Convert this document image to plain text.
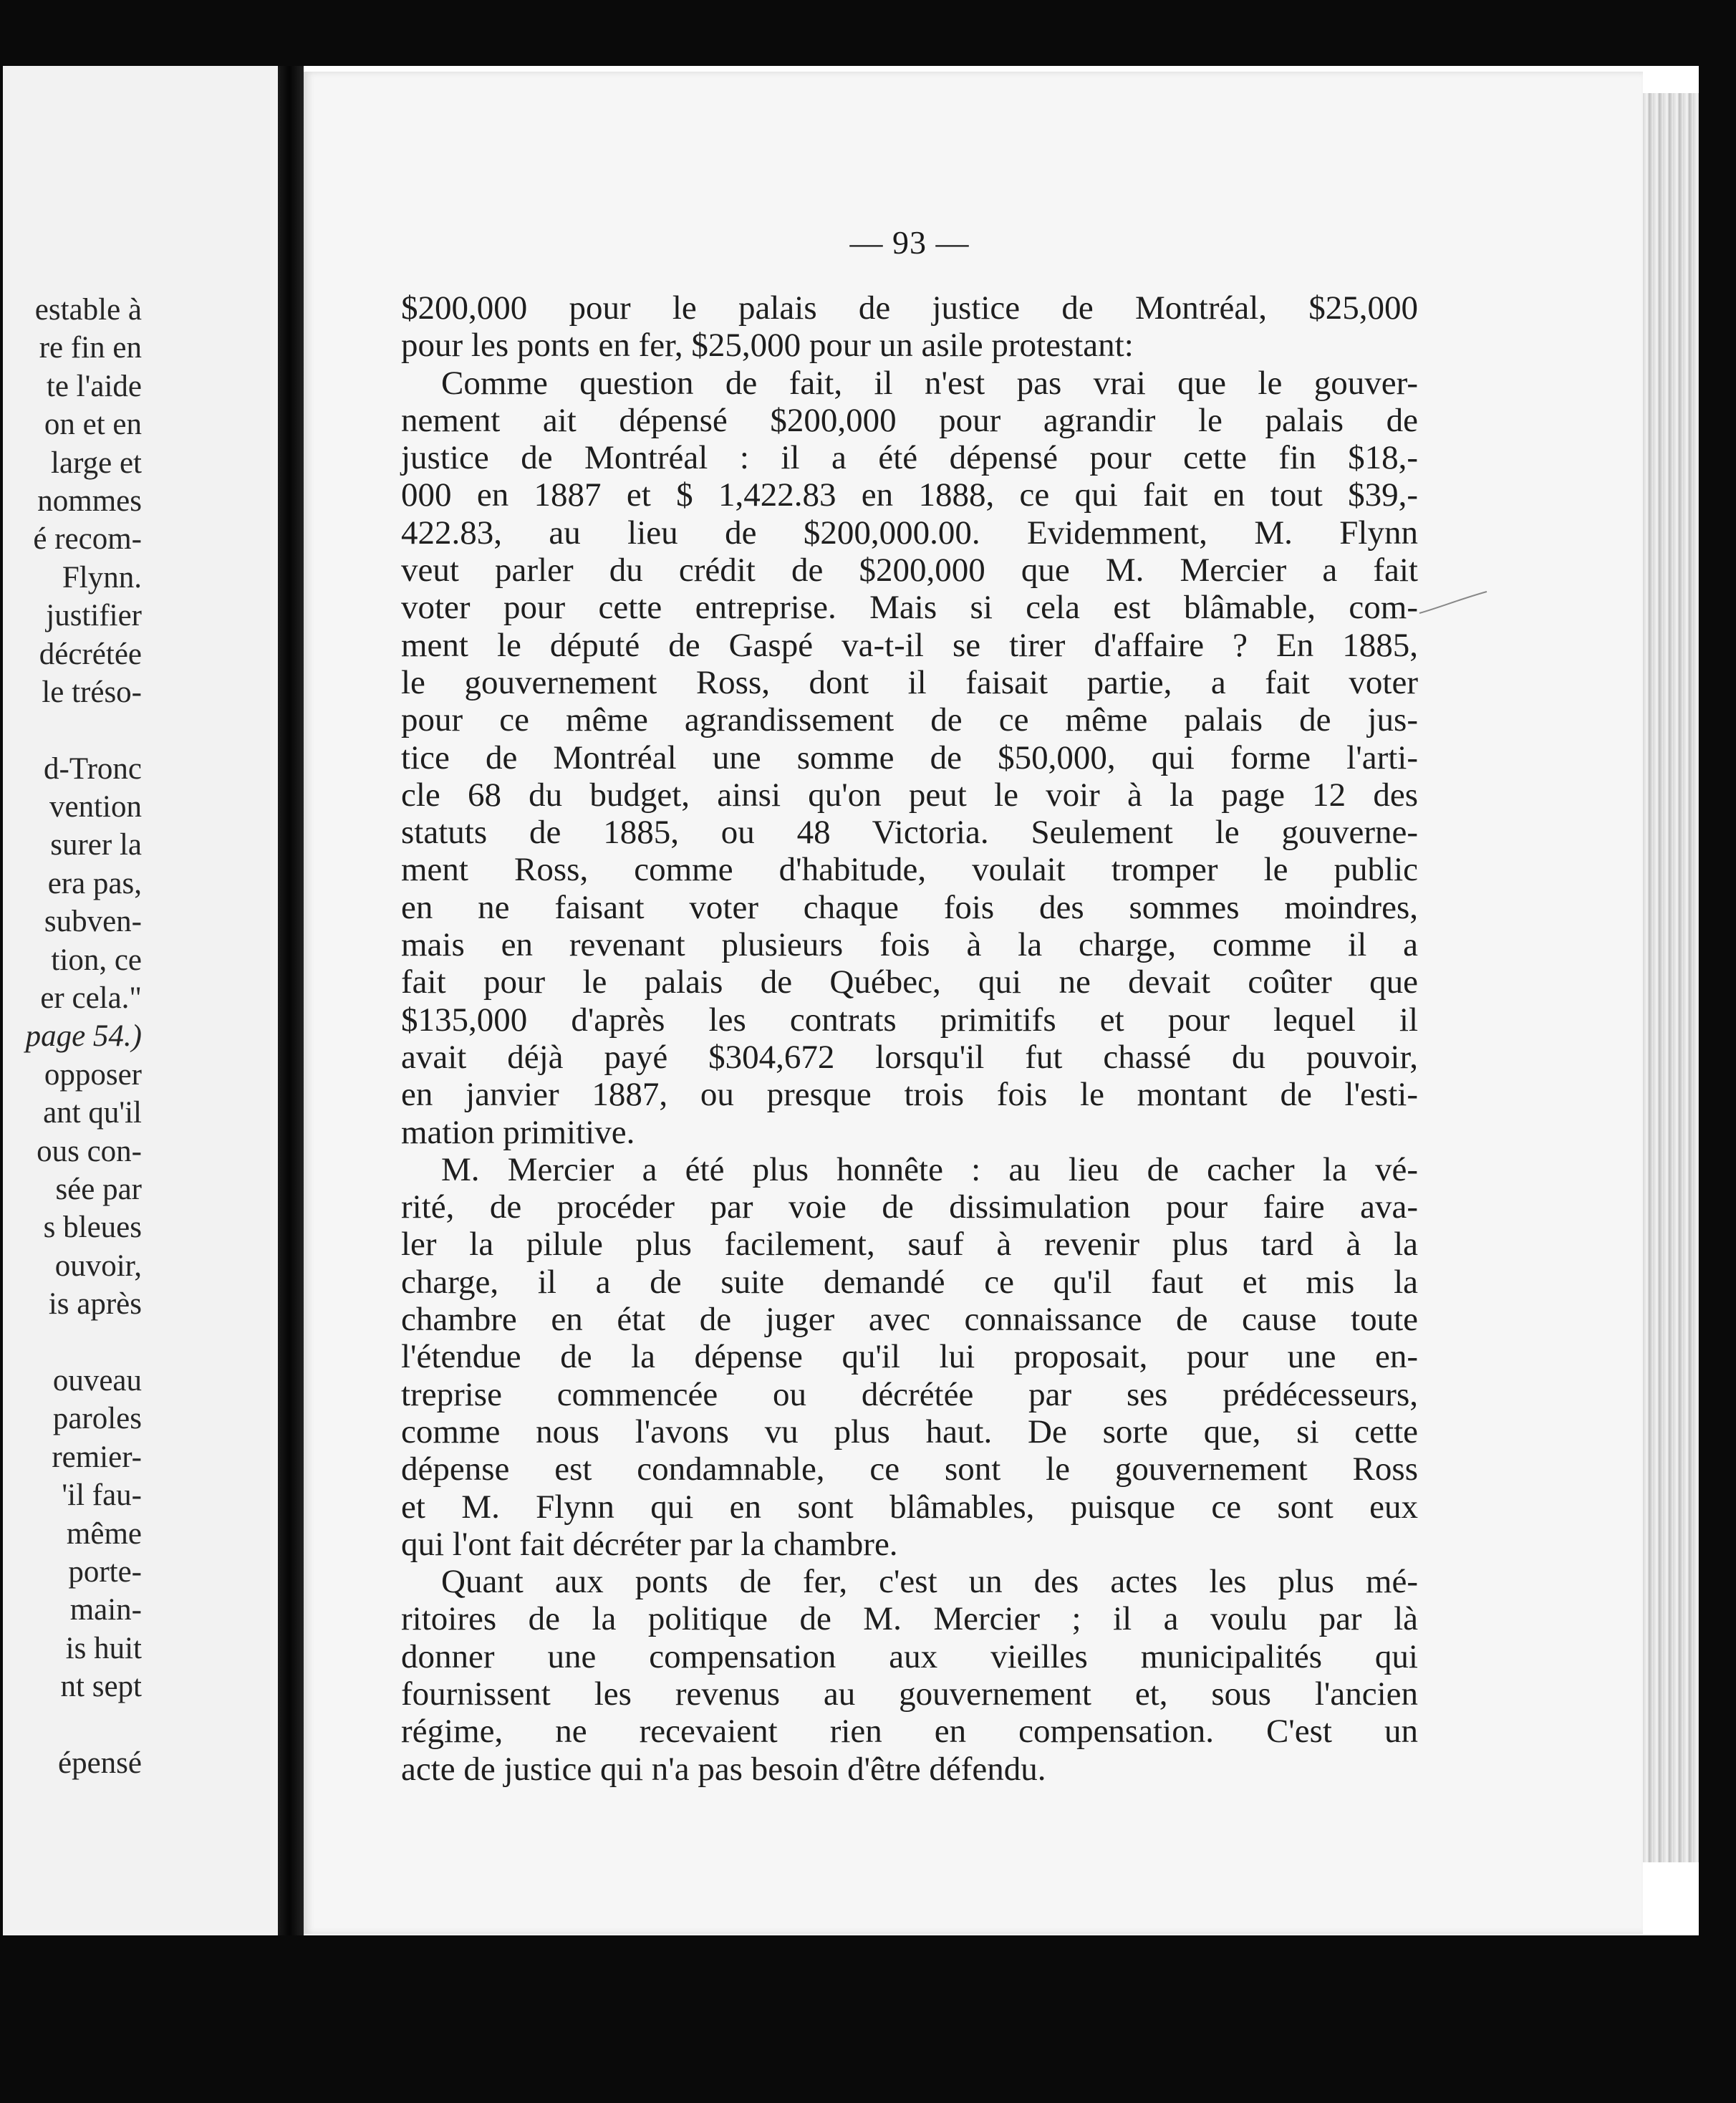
estable à
re fin en
te l'aide
on et en
large et
nommes
é recom-
Flynn.
justifier
décrétée
le tréso-
d-Tronc
vention
surer la
era pas,
subven-
tion, ce
er cela."
page 54.)
opposer
ant qu'il
ous con-
sée par
s bleues
ouvoir,
is après
ouveau
paroles
remier-
'il fau-
même
porte-
main-
is huit
nt sept
épensé
— 93 —
$200,000 pour le palais de justice de Montréal, $25,000
pour les ponts en fer, $25,000 pour un asile protestant:
Comme question de fait, il n'est pas vrai que le gouver-
nement ait dépensé $200,000 pour agrandir le palais de
justice de Montréal : il a été dépensé pour cette fin $18,-
000 en 1887 et $ 1,422.83 en 1888, ce qui fait en tout $39,-
422.83, au lieu de $200,000.00. Evidemment, M. Flynn
veut parler du crédit de $200,000 que M. Mercier a fait
voter pour cette entreprise. Mais si cela est blâmable, com-
ment le député de Gaspé va-t-il se tirer d'affaire ? En 1885,
le gouvernement Ross, dont il faisait partie, a fait voter
pour ce même agrandissement de ce même palais de jus-
tice de Montréal une somme de $50,000, qui forme l'arti-
cle 68 du budget, ainsi qu'on peut le voir à la page 12 des
statuts de 1885, ou 48 Victoria. Seulement le gouverne-
ment Ross, comme d'habitude, voulait tromper le public
en ne faisant voter chaque fois des sommes moindres,
mais en revenant plusieurs fois à la charge, comme il a
fait pour le palais de Québec, qui ne devait coûter que
$135,000 d'après les contrats primitifs et pour lequel il
avait déjà payé $304,672 lorsqu'il fut chassé du pouvoir,
en janvier 1887, ou presque trois fois le montant de l'esti-
mation primitive.
M. Mercier a été plus honnête : au lieu de cacher la vé-
rité, de procéder par voie de dissimulation pour faire ava-
ler la pilule plus facilement, sauf à revenir plus tard à la
charge, il a de suite demandé ce qu'il faut et mis la
chambre en état de juger avec connaissance de cause toute
l'étendue de la dépense qu'il lui proposait, pour une en-
treprise commencée ou décrétée par ses prédécesseurs,
comme nous l'avons vu plus haut. De sorte que, si cette
dépense est condamnable, ce sont le gouvernement Ross
et M. Flynn qui en sont blâmables, puisque ce sont eux
qui l'ont fait décréter par la chambre.
Quant aux ponts de fer, c'est un des actes les plus mé-
ritoires de la politique de M. Mercier ; il a voulu par là
donner une compensation aux vieilles municipalités qui
fournissent les revenus au gouvernement et, sous l'ancien
régime, ne recevaient rien en compensation. C'est un
acte de justice qui n'a pas besoin d'être défendu.
